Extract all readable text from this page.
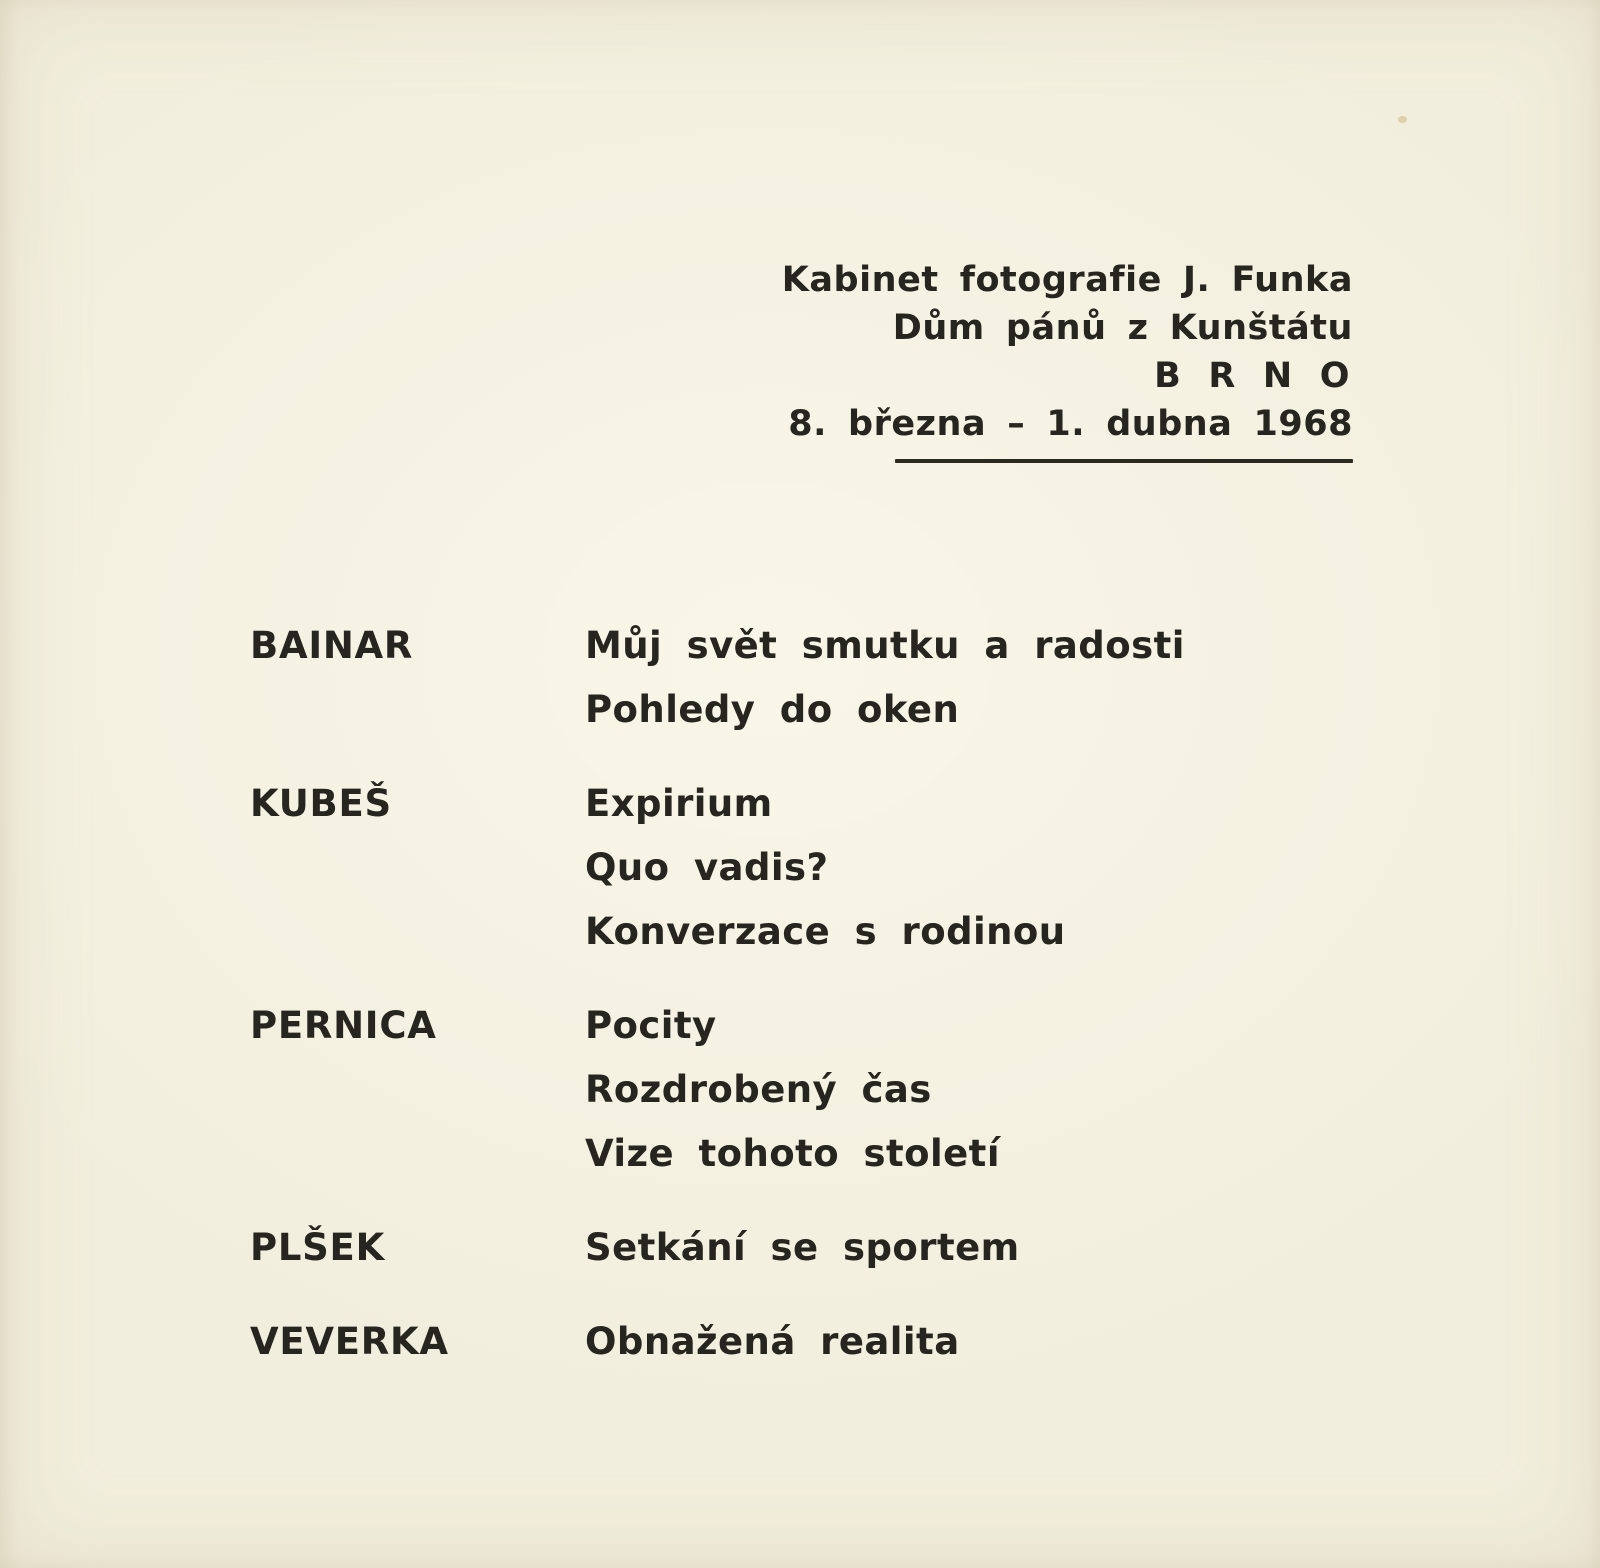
Kabinet fotografie J. Funka
Dům pánů z Kunštátu
B R N O
8. března – 1. dubna 1968
BAINAR	Můj svět smutku a radosti
Pohledy do oken
KUBEŠ	Expirium
Quo vadis?
Konverzace s rodinou
PERNICA	Pocity
Rozdrobený čas
Vize tohoto století
PLŠEK	Setkání se sportem
VEVERKA	Obnažená realita
